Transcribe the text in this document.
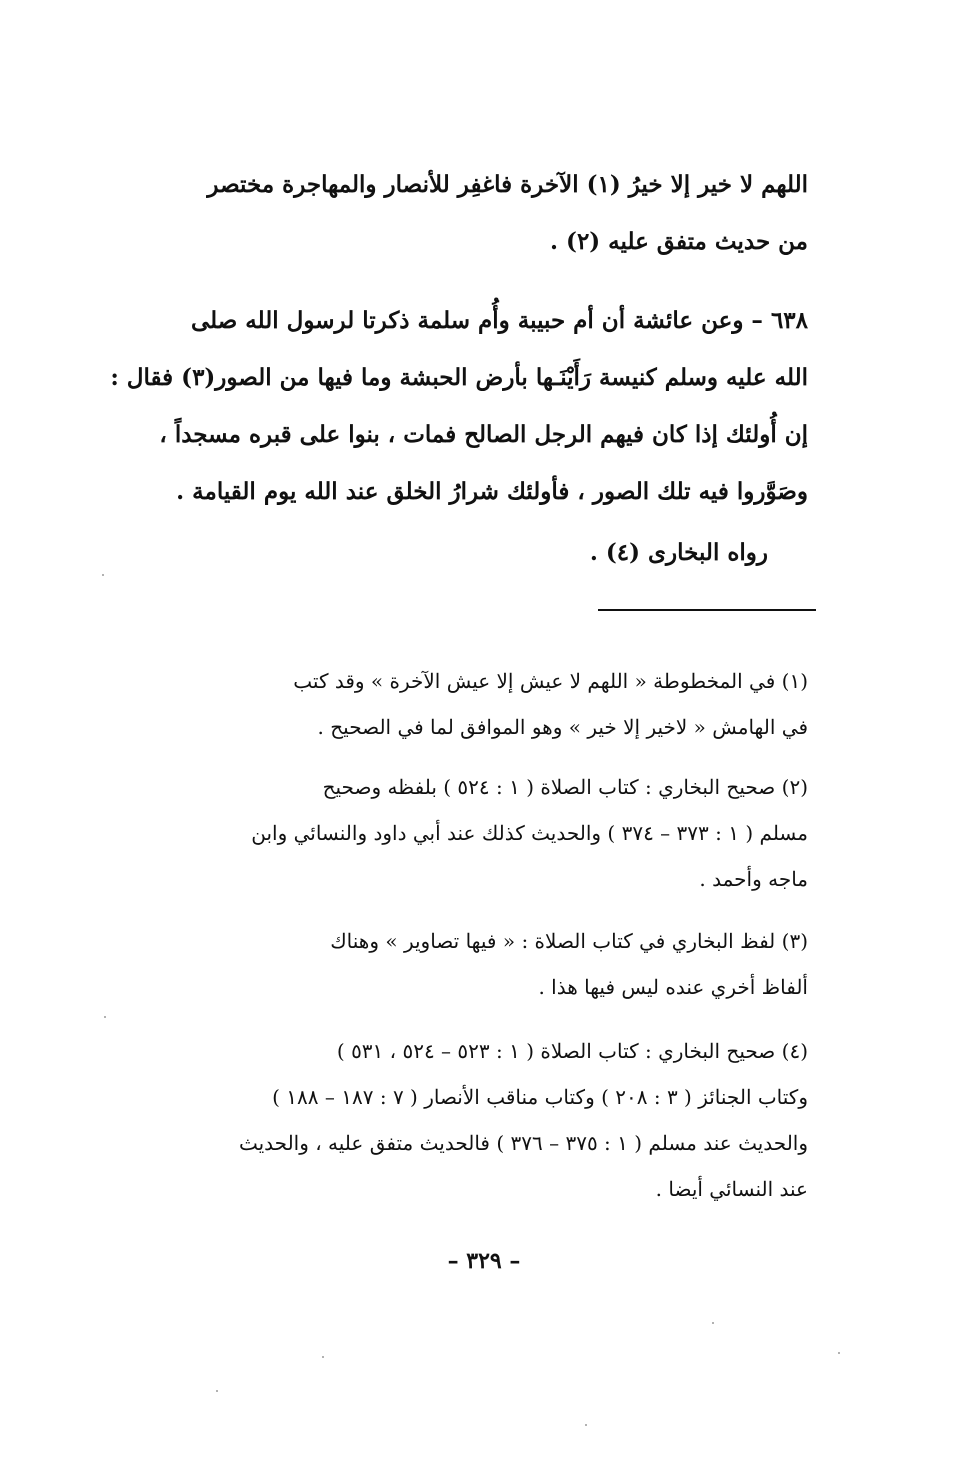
اللهم لا خير إلا خيرُ (١) الآخرة فاغفِر للأنصار والمهاجرة مختصر
من حديث متفق عليه (٢) .
٦٣٨ – وعن عائشة أن أم حبيبة وأُم سلمة ذكرتا لرسول الله صلى
الله عليه وسلم كنيسة رَأَيْنَـها بأرض الحبشة وما فيها من الصور(٣) فقال :
إن أُولئك إذا كان فيهم الرجل الصالح فمات ، بنوا على قبره مسجداً ،
وصَوَّروا فيه تلك الصور ، فأولئك شرارُ الخلق عند الله يوم القيامة .
رواه البخارى (٤) .
(١) في المخطوطة « اللهم لا عيش إلا عيش الآخرة » وقد كتب
في الهامش « لاخير إلا خير » وهو الموافق لما في الصحيح .
(٢) صحيح البخاري : كتاب الصلاة ( ١ : ٥٢٤ ) بلفظه وصحيح
مسلم ( ١ : ٣٧٣ – ٣٧٤ ) والحديث كذلك عند أبي داود والنسائي وابن
ماجه وأحمد .
(٣) لفظ البخاري في كتاب الصلاة : « فيها تصاوير » وهناك
ألفاظ أخري عنده ليس فيها هذا .
(٤) صحيح البخاري : كتاب الصلاة ( ١ : ٥٢٣ – ٥٢٤ ، ٥٣١ )
وكتاب الجنائز ( ٣ : ٢٠٨ ) وكتاب مناقب الأنصار ( ٧ : ١٨٧ – ١٨٨ )
والحديث عند مسلم ( ١ : ٣٧٥ – ٣٧٦ ) فالحديث متفق عليه ، والحديث
عند النسائي أيضا .
– ٣٢٩ –
